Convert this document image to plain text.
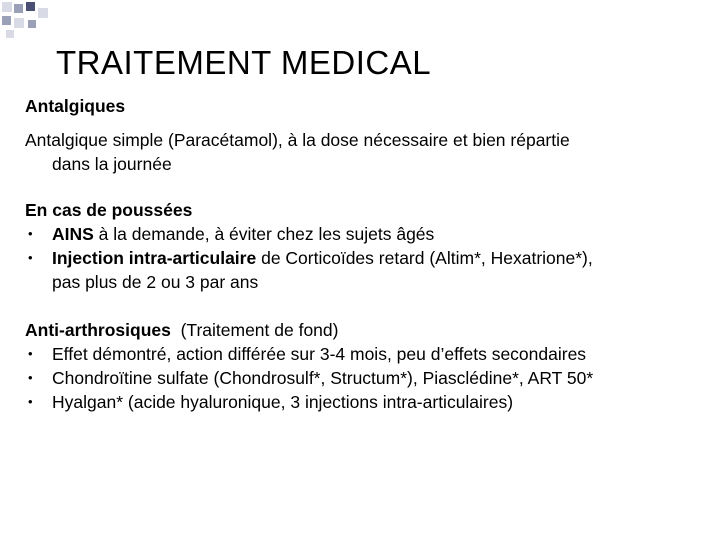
TRAITEMENT MEDICAL
Antalgiques
Antalgique simple (Paracétamol), à la dose nécessaire et bien répartie
dans la journée
En cas de poussées
• AINS à la demande, à éviter chez les sujets âgés
• Injection intra-articulaire de Corticoïdes retard (Altim*, Hexatrione*),
pas plus de 2 ou 3 par ans
Anti-arthrosiques  (Traitement de fond)
• Effet démontré, action différée sur 3-4 mois, peu d’effets secondaires
• Chondroïtine sulfate (Chondrosulf*, Structum*), Piasclédine*, ART 50*
• Hyalgan* (acide hyaluronique, 3 injections intra-articulaires)
